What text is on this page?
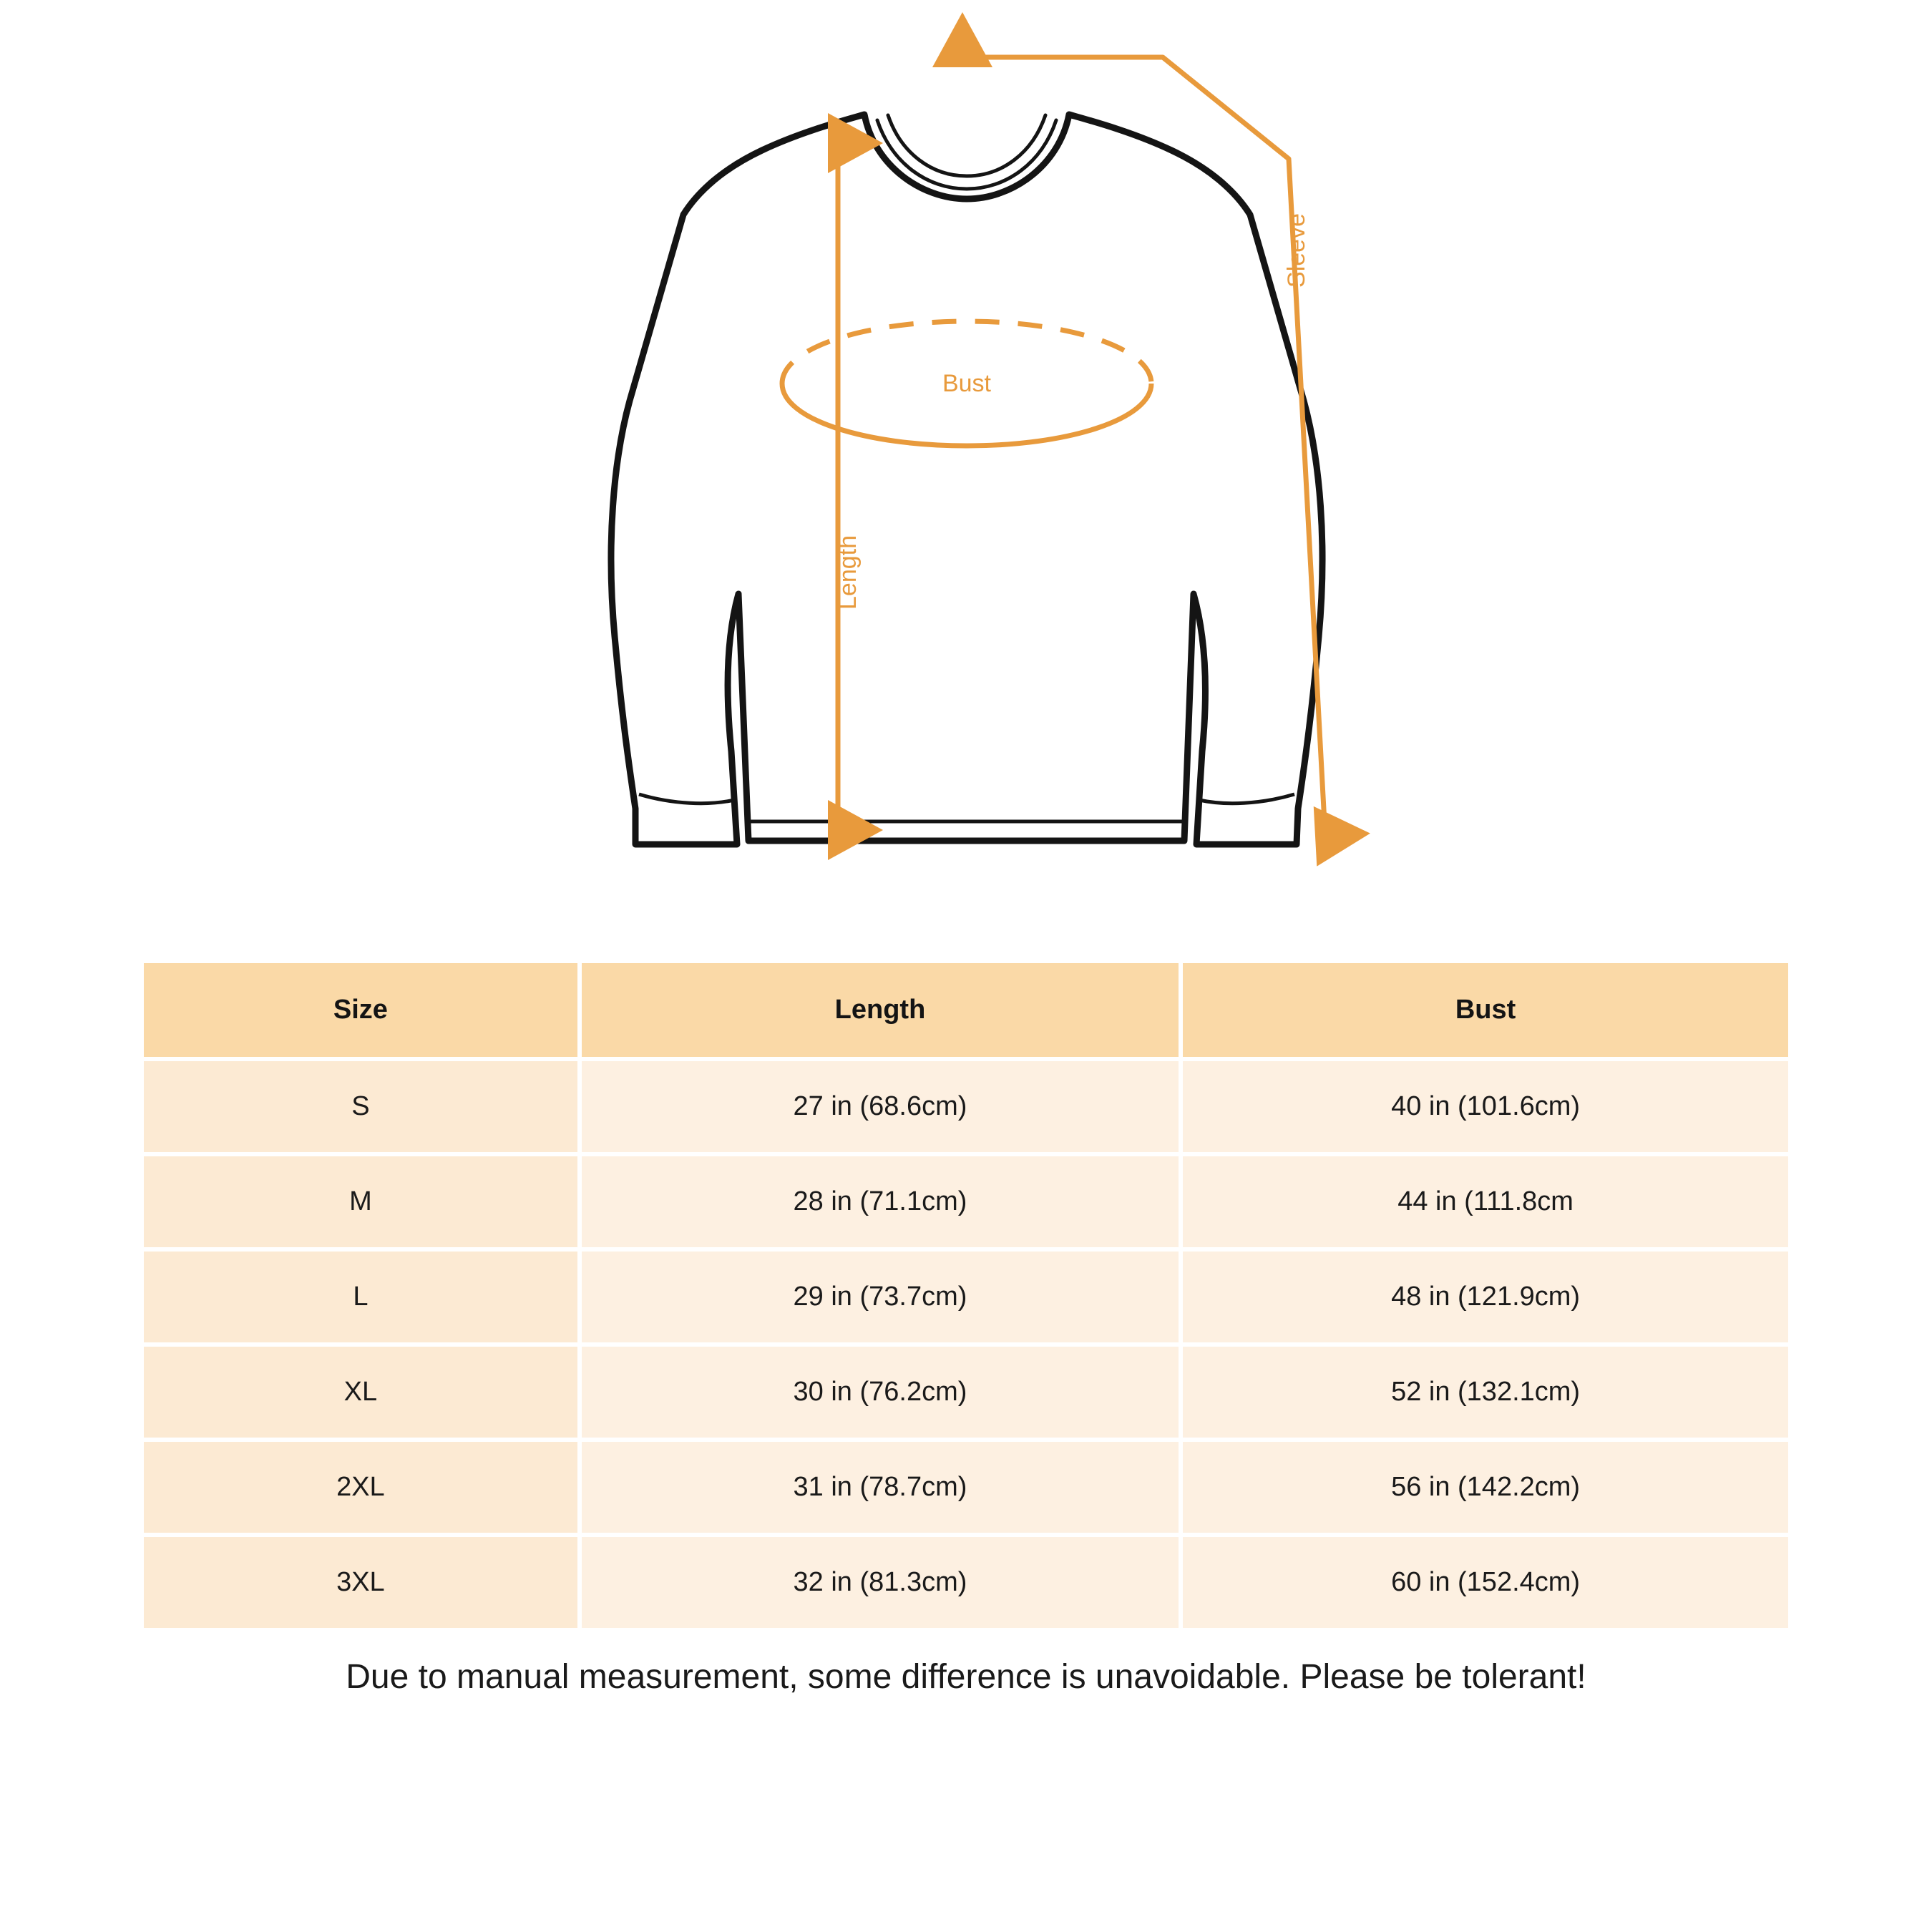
Bust
Length
Sleeve
Size	Length	Bust
S	27 in (68.6cm)	40 in (101.6cm)
M	28 in (71.1cm)	44 in (111.8cm
L	29 in (73.7cm)	48 in (121.9cm)
XL	30 in (76.2cm)	52 in (132.1cm)
2XL	31 in (78.7cm)	56 in (142.2cm)
3XL	32 in (81.3cm)	60 in (152.4cm)
Due to manual measurement, some difference is unavoidable. Please be tolerant!
